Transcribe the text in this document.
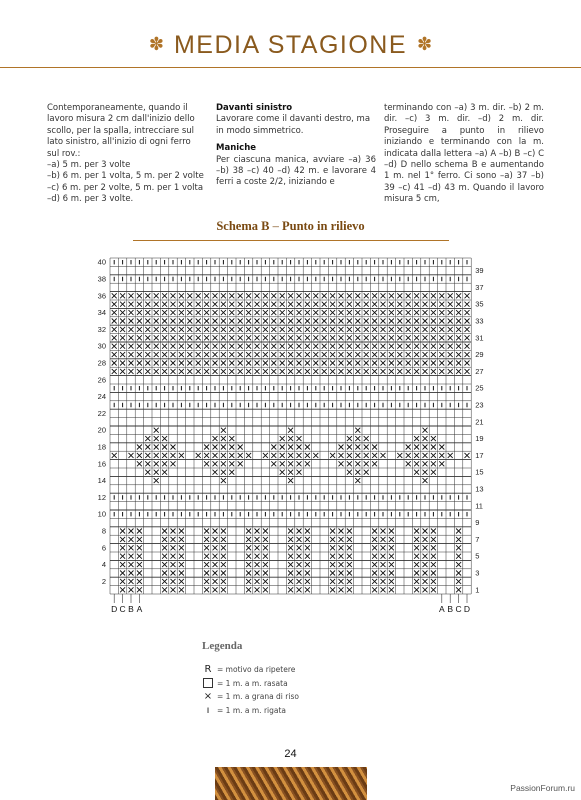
✽ MEDIA STAGIONE ✽

Contemporaneamente, quando il lavoro misura 2 cm dall'inizio dello scollo, per la spalla, intrecciare sul lato sinistro, all'inizio di ogni ferro sul rov.:
–a) 5 m. per 3 volte
–b) 6 m. per 1 volta, 5 m. per 2 volte
–c) 6 m. per 2 volte, 5 m. per 1 volta
–d) 6 m. per 3 volte.

Davanti sinistro

Lavorare come il davanti destro, ma in modo simmetrico.

Maniche

Per ciascuna manica, avviare –a) 36 –b) 38 –c) 40 –d) 42 m. e lavorare 4 ferri a coste 2/2, iniziando e

terminando con –a) 3 m. dir. –b) 2 m. dir. –c) 3 m. dir. –d) 2 m. dir. Proseguire a punto in rilievo iniziando e terminando con la m. indicata dalla lettera –a) A –b) B –c) C –d) D nello schema B e aumentando 1 m. nel 1° ferro. Ci sono –a) 37 –b) 39 –c) 41 –d) 43 m. Quando il lavoro misura 5 cm,

Schema B – Punto in rilievo
2
4
6
8
10
12
14
16
18
20
22
24
26
28
30
32
34
36
38
40
1
3
5
7
9
11
13
15
17
19
21
23
25
27
29
31
33
35
37
39
D C B A	A B C D
Legenda
R = motivo da ripetere
= 1 m. a m. rasata
× = 1 m. a grana di riso
ı	= 1 m. a m. rigata
24
PassionForum.ru
